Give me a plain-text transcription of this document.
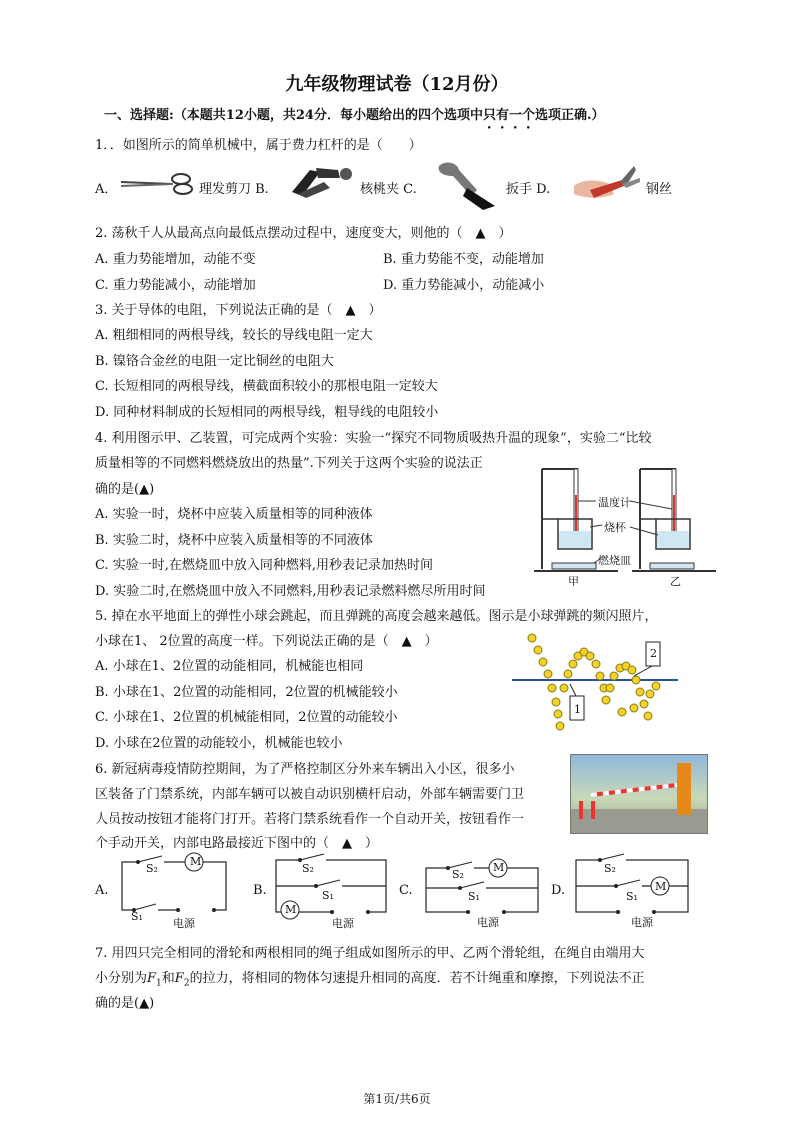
九年级物理试卷（12月份）
一、选择题:（本题共12小题，共24分．每小题给出的四个选项中只有一个选项正确.）
1．．如图所示的简单机械中，属于费力杠杆的是（　　）
A．	理发剪刀 B.	核桃夹 C.	扳手 D.	钢丝
2. 荡秋千人从最高点向最低点摆动过程中，速度变大，则他的（　▲　）
A. 重力势能增加，动能不变	B. 重力势能不变，动能增加
C. 重力势能减小，动能增加	D. 重力势能减小，动能减小
3. 关于导体的电阻，下列说法正确的是（　▲　）
A. 粗细相同的两根导线，较长的导线电阻一定大
B. 镍铬合金丝的电阻一定比铜丝的电阻大
C. 长短相同的两根导线，横截面积较小的那根电阻一定较大
D. 同种材料制成的长短相同的两根导线，粗导线的电阻较小
4. 利用图示甲、乙装置，可完成两个实验：实验一“探究不同物质吸热升温的现象”，实验二“比较
质量相等的不同燃料燃烧放出的热量”.下列关于这两个实验的说法正
确的是(▲)
A. 实验一时，烧杯中应装入质量相等的同种液体
B. 实验二时，烧杯中应装入质量相等的不同液体
C. 实验一时,在燃烧皿中放入同种燃料,用秒表记录加热时间
D. 实验二时,在燃烧皿中放入不同燃料,用秒表记录燃料燃尽所用时间
温度计
烧杯
燃烧皿
甲	乙
5. 掉在水平地面上的弹性小球会跳起，而且弹跳的高度会越来越低。图示是小球弹跳的频闪照片，
小球在1、 2位置的高度一样。下列说法正确的是（　▲　）
A. 小球在1、2位置的动能相同，机械能也相同
B. 小球在1、2位置的动能相同，2位置的机械能较小
C. 小球在1、2位置的机械能相同，2位置的动能较小
D. 小球在2位置的动能较小，机械能也较小
1
2
6. 新冠病毒疫情防控期间，为了严格控制区分外来车辆出入小区，很多小
区装备了门禁系统，内部车辆可以被自动识别横杆启动，外部车辆需要门卫
人员按动按钮才能将门打开。若将门禁系统看作一个自动开关，按钮看作一
个手动开关，内部电路最接近下图中的（　▲　）
A.
S₂
M
S₁
电源
B.
S₂
S₁
M
电源
C.
S₂
M
S₁
电源
D.
S₂
M
S₁
电源
7. 用四只完全相同的滑轮和两根相同的绳子组成如图所示的甲、乙两个滑轮组，在绳自由端用大
小分别为$F_1$和$F_2$的拉力，将相同的物体匀速提升相同的高度．若不计绳重和摩擦，下列说法不正
确的是(▲)
第1页/共6页
